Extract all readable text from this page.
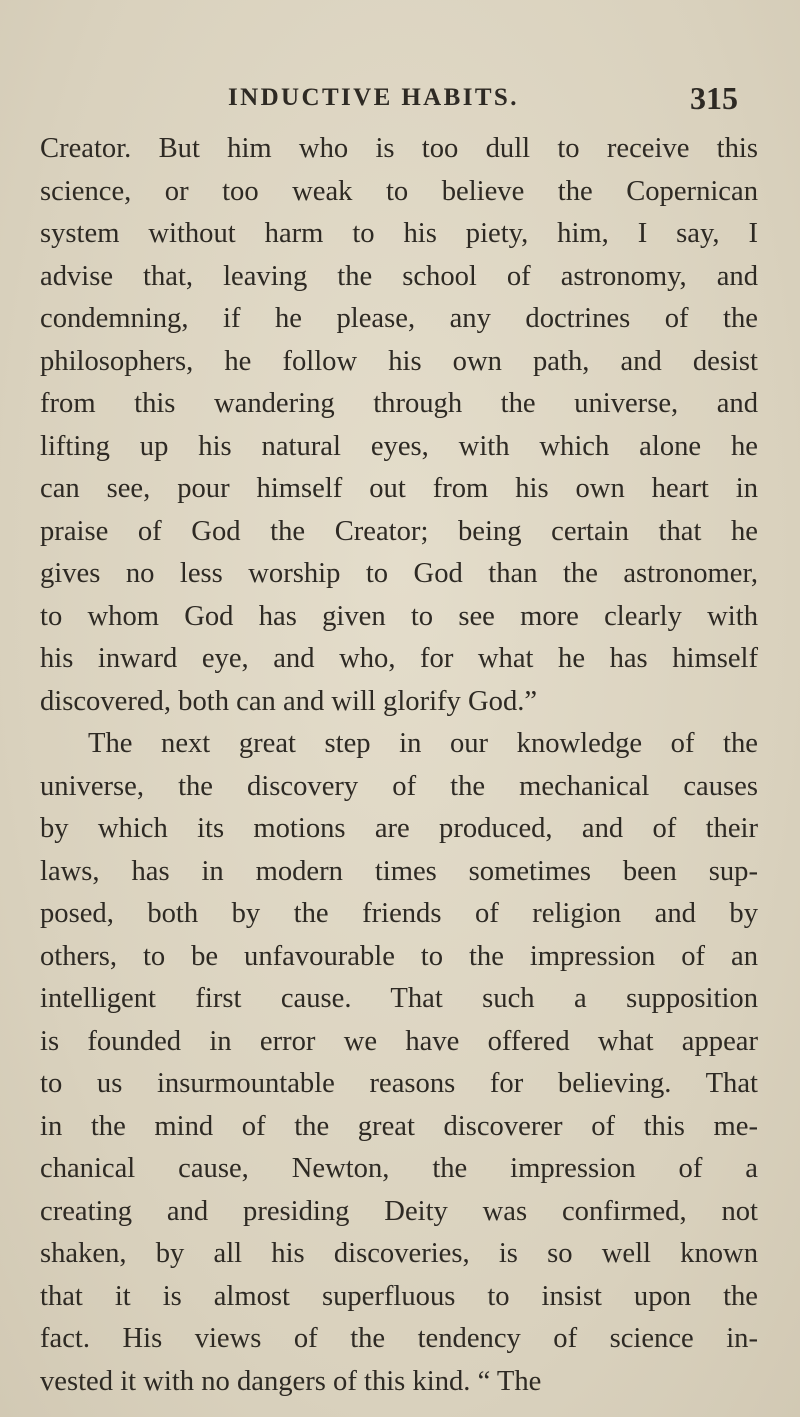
INDUCTIVE HABITS.	315
Creator. But him who is too dull to receive this
science, or too weak to believe the Copernican
system without harm to his piety, him, I say, I
advise that, leaving the school of astronomy, and
condemning, if he please, any doctrines of the
philosophers, he follow his own path, and desist
from this wandering through the universe, and
lifting up his natural eyes, with which alone he
can see, pour himself out from his own heart in
praise of God the Creator; being certain that he
gives no less worship to God than the astronomer,
to whom God has given to see more clearly with
his inward eye, and who, for what he has himself
discovered, both can and will glorify God.”
The next great step in our knowledge of the
universe, the discovery of the mechanical causes
by which its motions are produced, and of their
laws, has in modern times sometimes been sup-
posed, both by the friends of religion and by
others, to be unfavourable to the impression of an
intelligent first cause. That such a supposition
is founded in error we have offered what appear
to us insurmountable reasons for believing. That
in the mind of the great discoverer of this me-
chanical cause, Newton, the impression of a
creating and presiding Deity was confirmed, not
shaken, by all his discoveries, is so well known
that it is almost superfluous to insist upon the
fact. His views of the tendency of science in-
vested it with no dangers of this kind. “ The
